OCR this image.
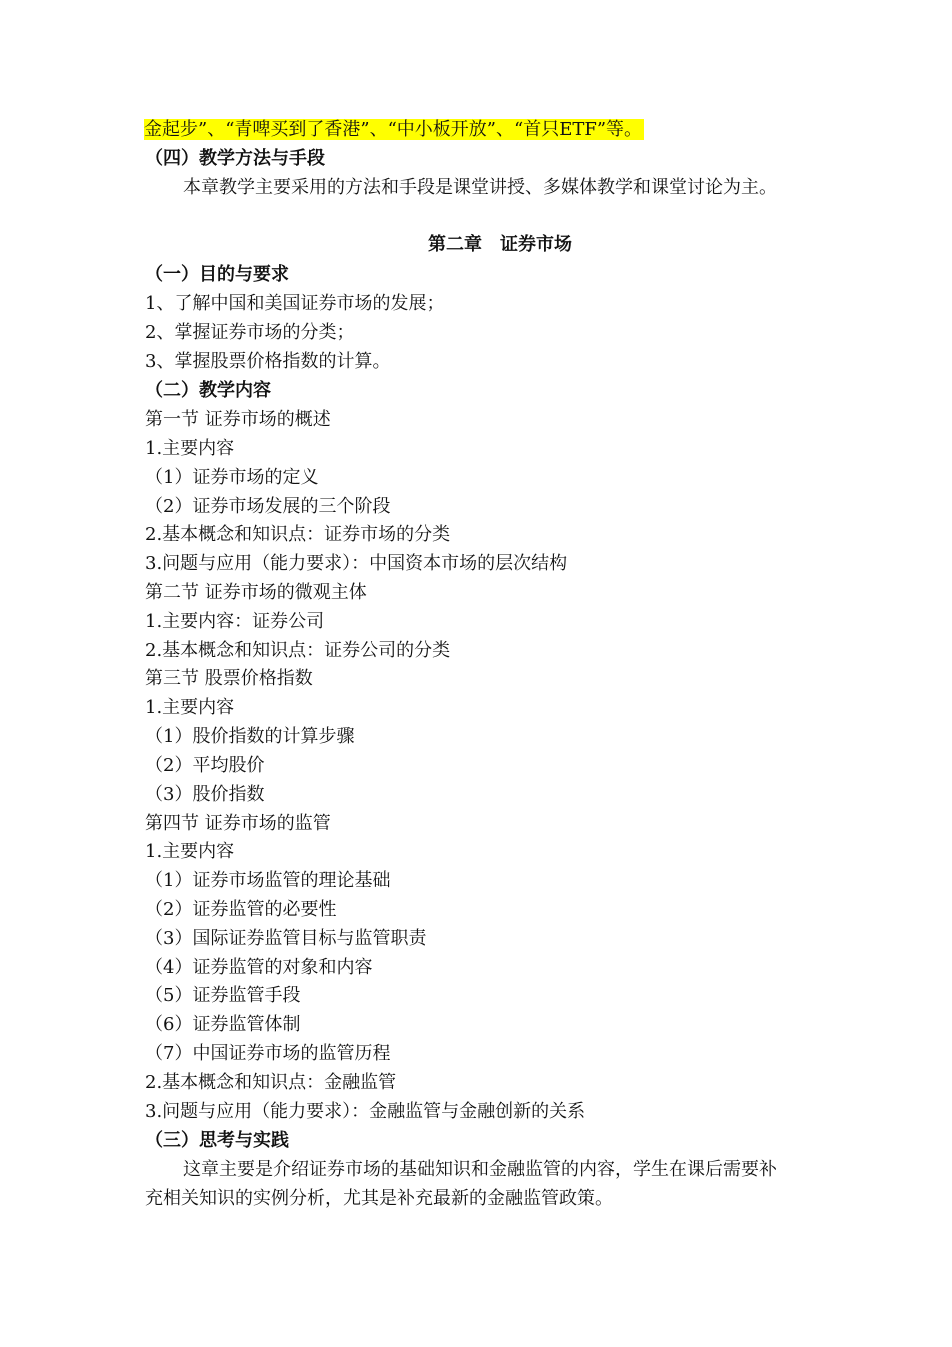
金起步”、“青啤买到了香港”、“中小板开放”、“首只ETF”等。
（四）教学方法与手段
本章教学主要采用的方法和手段是课堂讲授、多媒体教学和课堂讨论为主。
第二章　证券市场
（一）目的与要求
1、了解中国和美国证券市场的发展；
2、掌握证券市场的分类；
3、掌握股票价格指数的计算。
（二）教学内容
第一节 证券市场的概述
1.主要内容
（1）证券市场的定义
（2）证券市场发展的三个阶段
2.基本概念和知识点：证券市场的分类
3.问题与应用（能力要求）：中国资本市场的层次结构
第二节 证券市场的微观主体
1.主要内容：证券公司
2.基本概念和知识点：证券公司的分类
第三节 股票价格指数
1.主要内容
（1）股价指数的计算步骤
（2）平均股价
（3）股价指数
第四节 证券市场的监管
1.主要内容
（1）证券市场监管的理论基础
（2）证券监管的必要性
（3）国际证券监管目标与监管职责
（4）证券监管的对象和内容
（5）证券监管手段
（6）证券监管体制
（7）中国证券市场的监管历程
2.基本概念和知识点：金融监管
3.问题与应用（能力要求）：金融监管与金融创新的关系
（三）思考与实践
这章主要是介绍证券市场的基础知识和金融监管的内容，学生在课后需要补
充相关知识的实例分析，尤其是补充最新的金融监管政策。
